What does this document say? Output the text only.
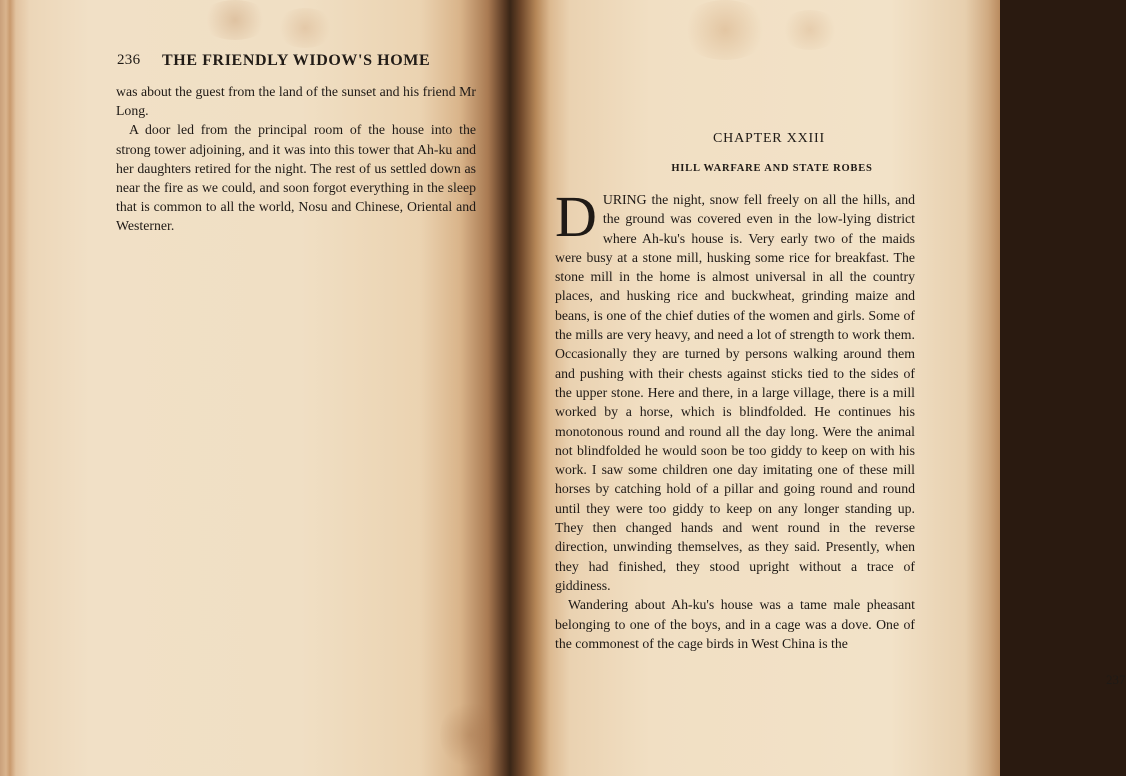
236 THE FRIENDLY WIDOW'S HOME

was about the guest from the land of the sunset and his friend Mr Long.

A door led from the principal room of the house into the strong tower adjoining, and it was into this tower that Ah-ku and her daughters retired for the night. The rest of us settled down as near the fire as we could, and soon forgot everything in the sleep that is common to all the world, Nosu and Chinese, Oriental and Westerner.

237
CHAPTER XXIII
HILL WARFARE AND STATE ROBES

DURING the night, snow fell freely on all the hills, and the ground was covered even in the low-lying district where Ah-ku's house is. Very early two of the maids were busy at a stone mill, husking some rice for breakfast. The stone mill in the home is almost universal in all the country places, and husking rice and buckwheat, grinding maize and beans, is one of the chief duties of the women and girls. Some of the mills are very heavy, and need a lot of strength to work them. Occasionally they are turned by persons walking around them and pushing with their chests against sticks tied to the sides of the upper stone. Here and there, in a large village, there is a mill worked by a horse, which is blindfolded. He continues his monotonous round and round all the day long. Were the animal not blindfolded he would soon be too giddy to keep on with his work. I saw some children one day imitating one of these mill horses by catching hold of a pillar and going round and round until they were too giddy to keep on any longer standing up. They then changed hands and went round in the reverse direction, unwinding themselves, as they said. Presently, when they had finished, they stood upright without a trace of giddiness.

Wandering about Ah-ku's house was a tame male pheasant belonging to one of the boys, and in a cage was a dove. One of the commonest of the cage birds in West China is the
